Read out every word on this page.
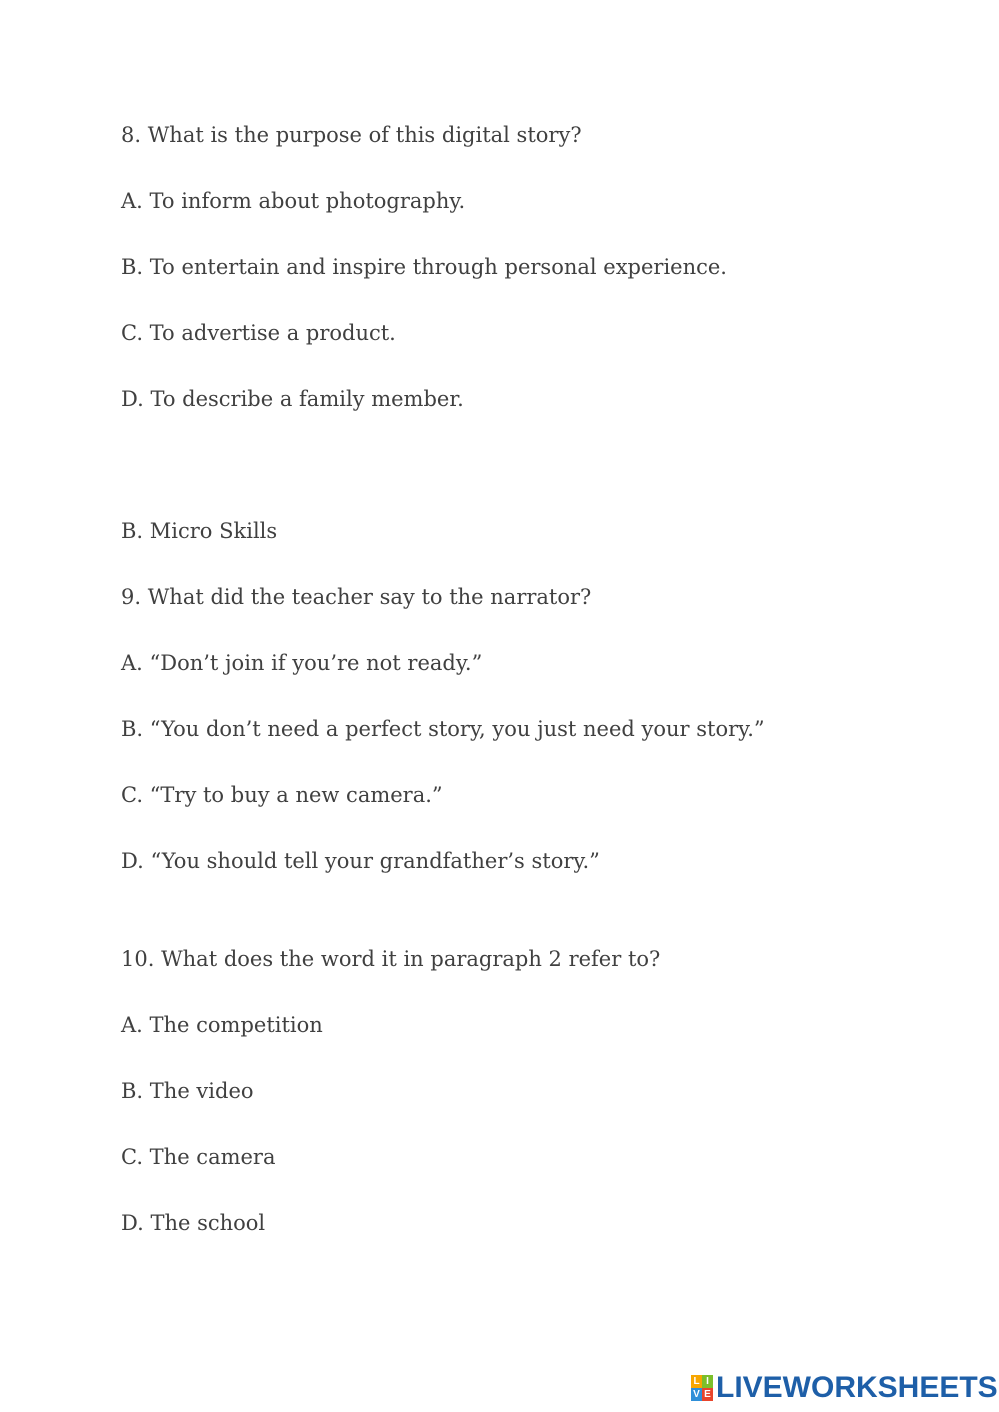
8. What is the purpose of this digital story?
A. To inform about photography.
B. To entertain and inspire through personal experience.
C. To advertise a product.
D. To describe a family member.
B. Micro Skills
9. What did the teacher say to the narrator?
A. “Don’t join if you’re not ready.”
B. “You don’t need a perfect story, you just need your story.”
C. “Try to buy a new camera.”
D. “You should tell your grandfather’s story.”
10. What does the word it in paragraph 2 refer to?
A. The competition
B. The video
C. The camera
D. The school
L I
V E LIVEWORKSHEETS
